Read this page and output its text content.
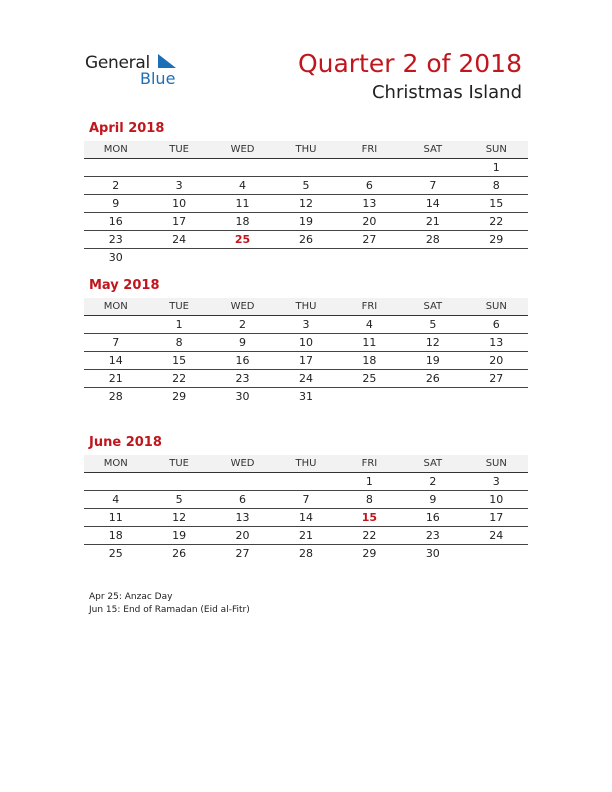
General
Blue
Quarter 2 of 2018
Christmas Island
April 2018
MON	TUE	WED	THU	FRI	SAT	SUN
						1
2	3	4	5	6	7	8
9	10	11	12	13	14	15
16	17	18	19	20	21	22
23	24	25	26	27	28	29
30						
May 2018
MON	TUE	WED	THU	FRI	SAT	SUN
	1	2	3	4	5	6
7	8	9	10	11	12	13
14	15	16	17	18	19	20
21	22	23	24	25	26	27
28	29	30	31			
June 2018
MON	TUE	WED	THU	FRI	SAT	SUN
				1	2	3
4	5	6	7	8	9	10
11	12	13	14	15	16	17
18	19	20	21	22	23	24
25	26	27	28	29	30	
Apr 25: Anzac Day
Jun 15: End of Ramadan (Eid al-Fitr)
